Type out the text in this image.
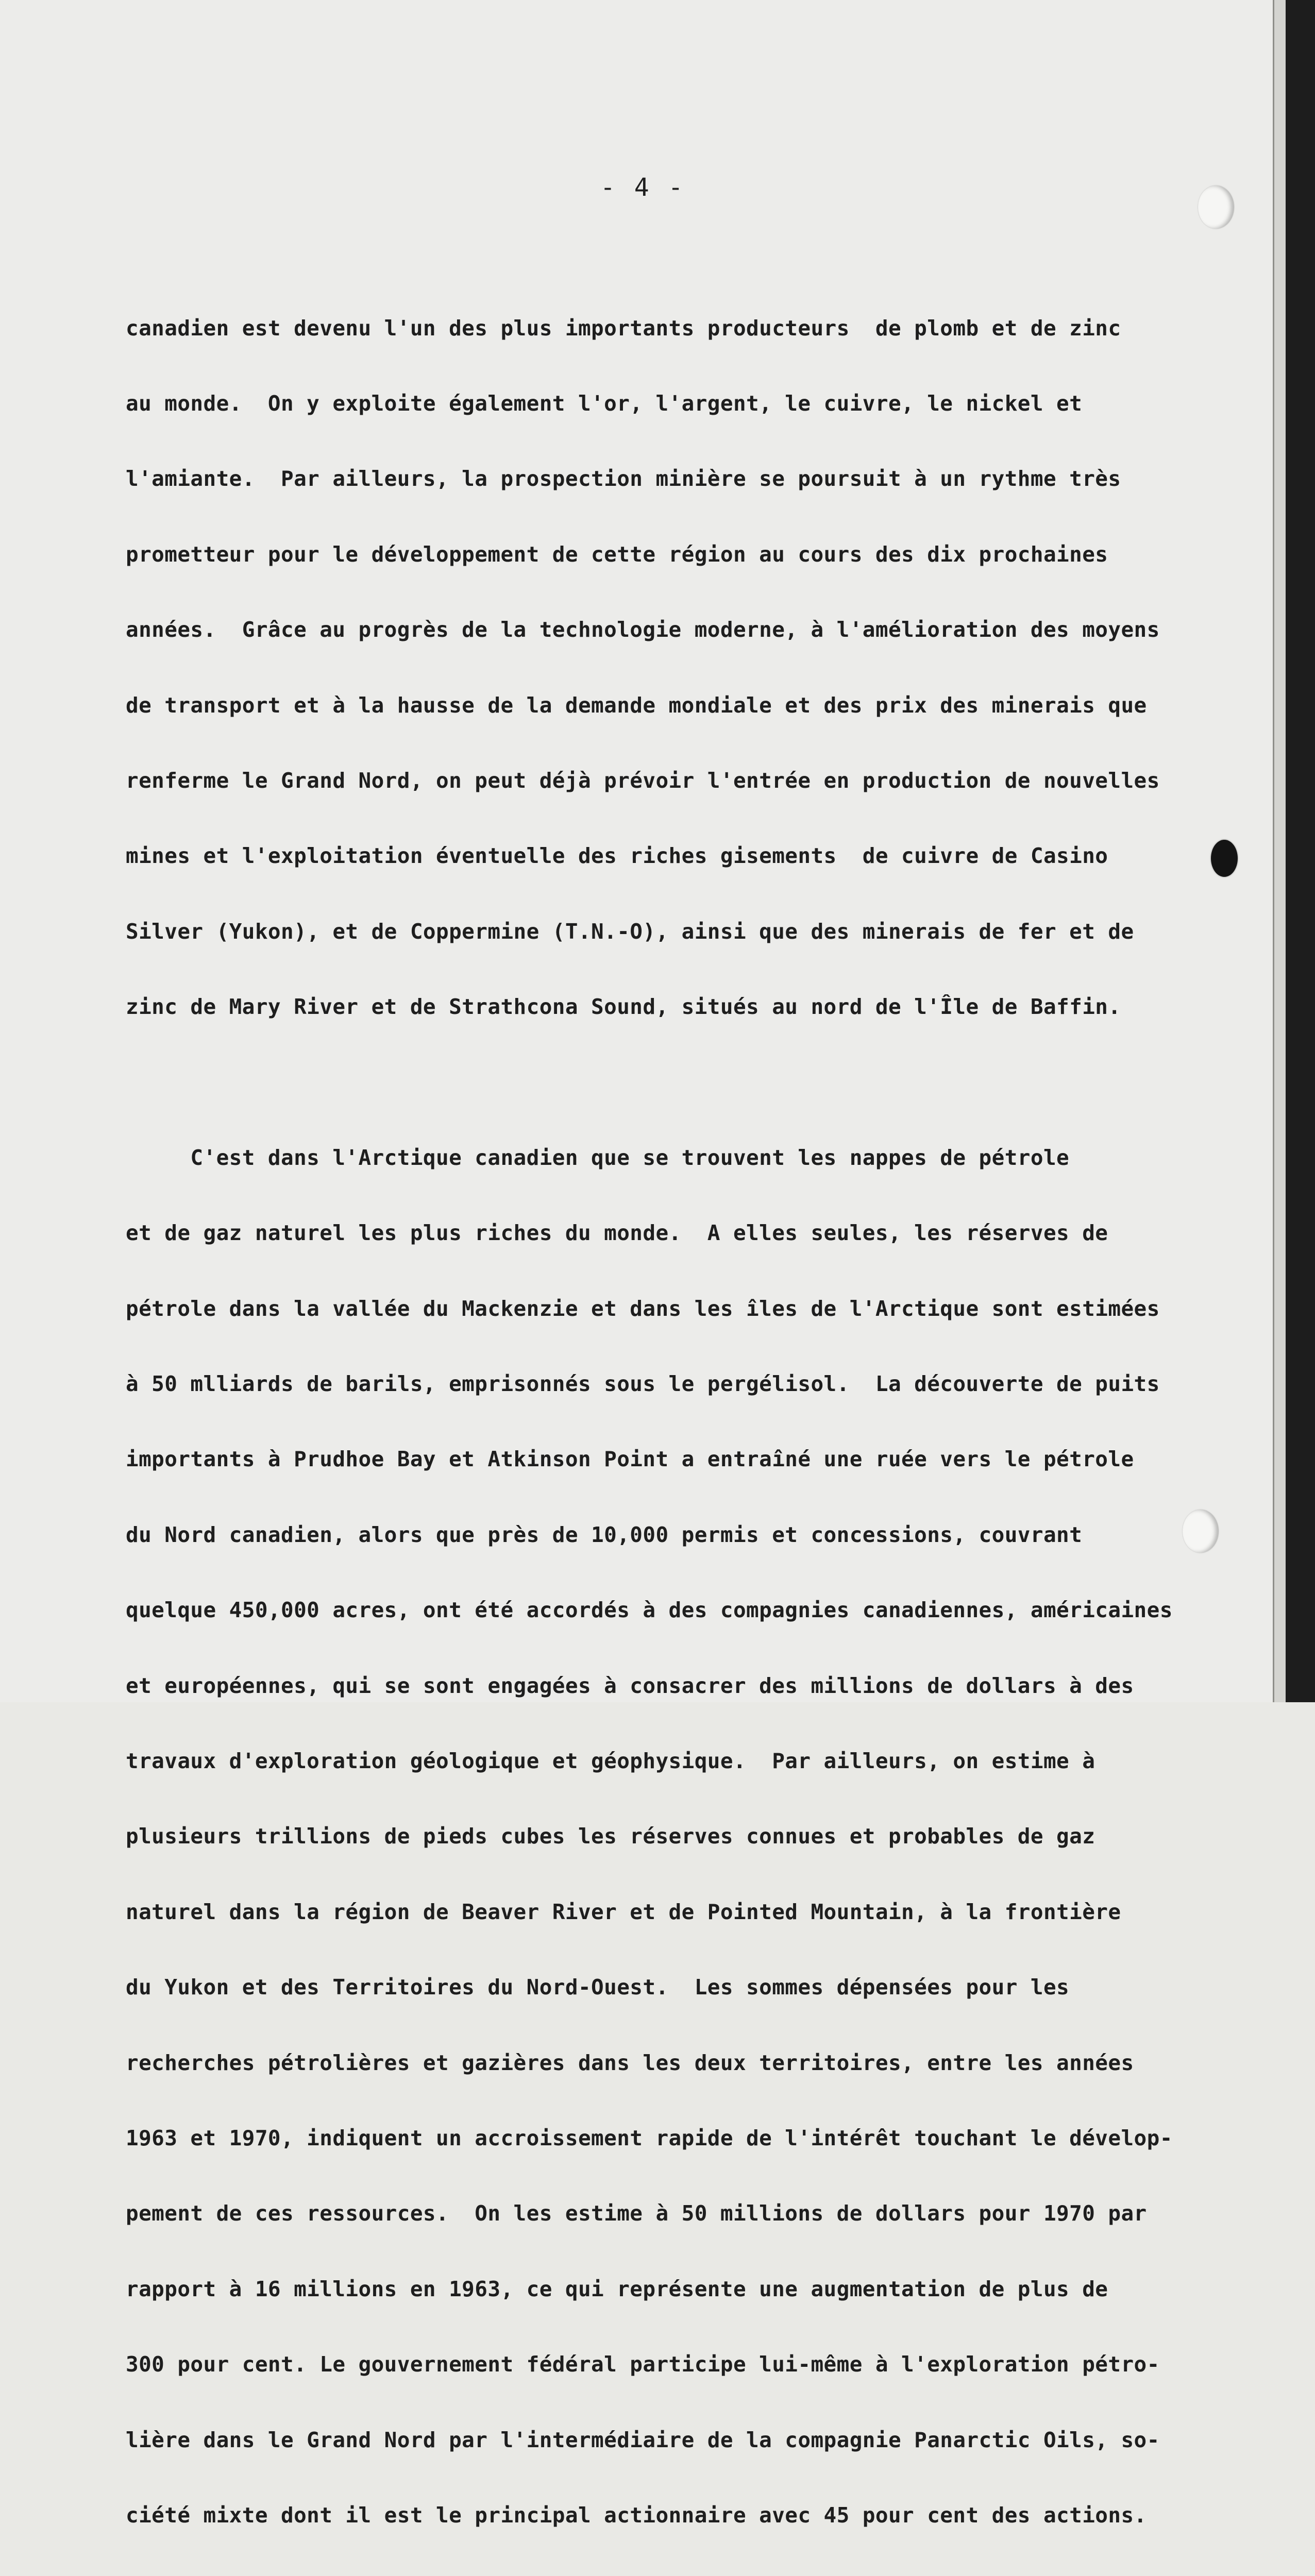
- 4 -

canadien est devenu l'un des plus importants producteurs  de plomb et de zinc

au monde.  On y exploite également l'or, l'argent, le cuivre, le nickel et

l'amiante.  Par ailleurs, la prospection minière se poursuit à un rythme très

prometteur pour le développement de cette région au cours des dix prochaines

années.  Grâce au progrès de la technologie moderne, à l'amélioration des moyens

de transport et à la hausse de la demande mondiale et des prix des minerais que

renferme le Grand Nord, on peut déjà prévoir l'entrée en production de nouvelles

mines et l'exploitation éventuelle des riches gisements  de cuivre de Casino

Silver (Yukon), et de Coppermine (T.N.-O), ainsi que des minerais de fer et de

zinc de Mary River et de Strathcona Sound, situés au nord de l'Île de Baffin.

C'est dans l'Arctique canadien que se trouvent les nappes de pétrole

et de gaz naturel les plus riches du monde.  A elles seules, les réserves de

pétrole dans la vallée du Mackenzie et dans les îles de l'Arctique sont estimées

à 50 mlliards de barils, emprisonnés sous le pergélisol.  La découverte de puits

importants à Prudhoe Bay et Atkinson Point a entraîné une ruée vers le pétrole

du Nord canadien, alors que près de 10,000 permis et concessions, couvrant

quelque 450,000 acres, ont été accordés à des compagnies canadiennes, américaines

et européennes, qui se sont engagées à consacrer des millions de dollars à des

travaux d'exploration géologique et géophysique.  Par ailleurs, on estime à

plusieurs trillions de pieds cubes les réserves connues et probables de gaz

naturel dans la région de Beaver River et de Pointed Mountain, à la frontière

du Yukon et des Territoires du Nord-Ouest.  Les sommes dépensées pour les

recherches pétrolières et gazières dans les deux territoires, entre les années

1963 et 1970, indiquent un accroissement rapide de l'intérêt touchant le dévelop-

pement de ces ressources.  On les estime à 50 millions de dollars pour 1970 par

rapport à 16 millions en 1963, ce qui représente une augmentation de plus de

300 pour cent. Le gouvernement fédéral participe lui-même à l'exploration pétro-

lière dans le Grand Nord par l'intermédiaire de la compagnie Panarctic Oils, so-

ciété mixte dont il est le principal actionnaire avec 45 pour cent des actions.
